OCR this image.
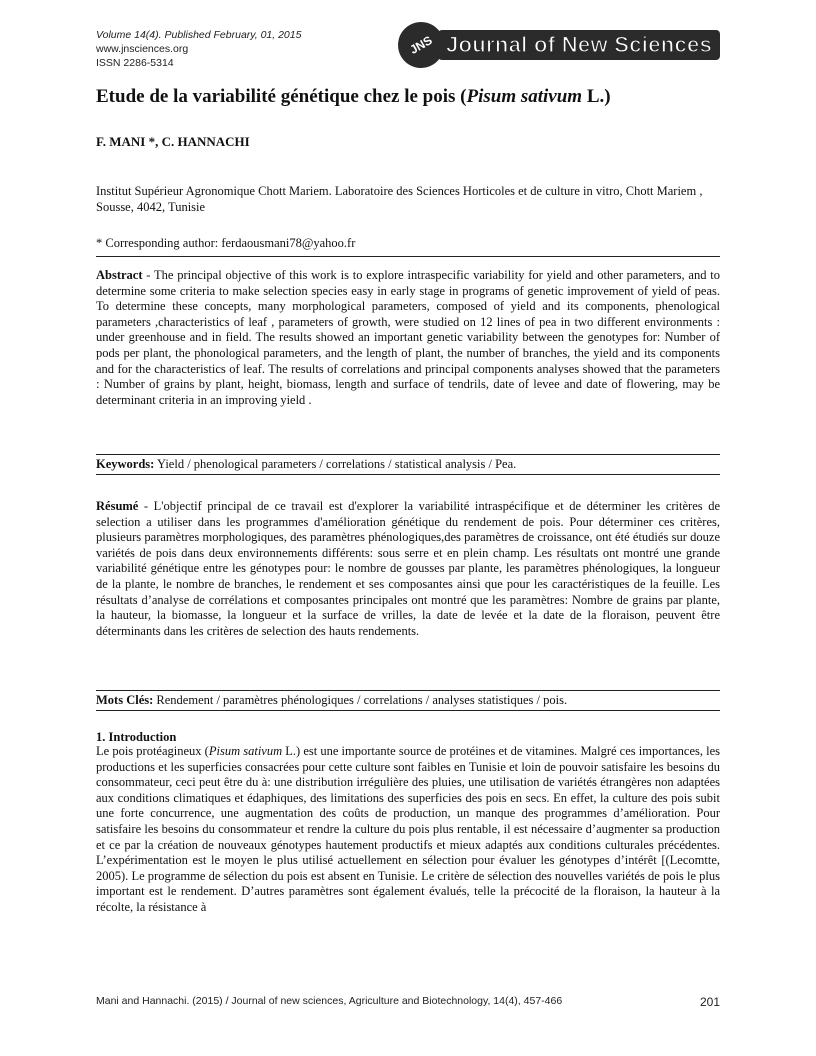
Volume 14(4). Published February, 01, 2015
www.jnsciences.org
ISSN 2286-5314
JNS Journal of New Sciences
Etude de la variabilité génétique chez le pois (Pisum sativum L.)
F. MANI *, C. HANNACHI
Institut Supérieur Agronomique Chott Mariem. Laboratoire des Sciences Horticoles et de culture in vitro, Chott Mariem , Sousse, 4042, Tunisie
* Corresponding author: ferdaousmani78@yahoo.fr
Abstract - The principal objective of this work is to explore intraspecific variability for yield and other parameters, and to determine some criteria to make selection species easy in early stage in programs of genetic improvement of yield of peas. To determine these concepts, many morphological parameters, composed of yield and its components, phenological parameters ,characteristics of leaf , parameters of growth, were studied on 12 lines of pea in two different environments : under greenhouse and in field. The results showed an important genetic variability between the genotypes for: Number of pods per plant, the phonological parameters, and the length of plant, the number of branches, the yield and its components and for the characteristics of leaf. The results of correlations and principal components analyses showed that the parameters : Number of grains by plant, height, biomass, length and surface of tendrils, date of levee and date of flowering, may be determinant criteria in an improving yield .
Keywords: Yield / phenological parameters / correlations / statistical analysis / Pea.
Résumé - L'objectif principal de ce travail est d'explorer la variabilité intraspécifique et de déterminer les critères de selection a utiliser dans les programmes d'amélioration génétique du rendement de pois. Pour déterminer ces critères, plusieurs paramètres morphologiques, des paramètres phénologiques,des paramètres de croissance, ont été étudiés sur douze variétés de pois dans deux environnements différents: sous serre et en plein champ. Les résultats ont montré une grande variabilité génétique entre les génotypes pour: le nombre de gousses par plante, les paramètres phénologiques, la longueur de la plante, le nombre de branches, le rendement et ses composantes ainsi que pour les caractéristiques de la feuille. Les résultats d’analyse de corrélations et composantes principales ont montré que les paramètres: Nombre de grains par plante, la hauteur, la biomasse, la longueur et la surface de vrilles, la date de levée et la date de la floraison, peuvent être déterminants dans les critères de selection des hauts rendements.
Mots Clés: Rendement / paramètres phénologiques / correlations / analyses statistiques / pois.
1. Introduction
Le pois protéagineux (Pisum sativum L.) est une importante source de protéines et de vitamines. Malgré ces importances, les productions et les superficies consacrées pour cette culture sont faibles en Tunisie et loin de pouvoir satisfaire les besoins du consommateur, ceci peut être du à: une distribution irrégulière des pluies, une utilisation de variétés étrangères non adaptées aux conditions climatiques et édaphiques, des limitations des superficies des pois en secs. En effet, la culture des pois subit une forte concurrence, une augmentation des coûts de production, un manque des programmes d’amélioration. Pour satisfaire les besoins du consommateur et rendre la culture du pois plus rentable, il est nécessaire d’augmenter sa production et ce par la création de nouveaux génotypes hautement productifs et mieux adaptés aux conditions culturales précédentes. L’expérimentation est le moyen le plus utilisé actuellement en sélection pour évaluer les génotypes d’intérêt [(Lecomtte, 2005). Le programme de sélection du pois est absent en Tunisie. Le critère de sélection des nouvelles variétés de pois le plus important est le rendement. D’autres paramètres sont également évalués, telle la précocité de la floraison, la hauteur à la récolte, la résistance à
Mani and Hannachi. (2015) / Journal of new sciences, Agriculture and Biotechnology, 14(4), 457-466	201
